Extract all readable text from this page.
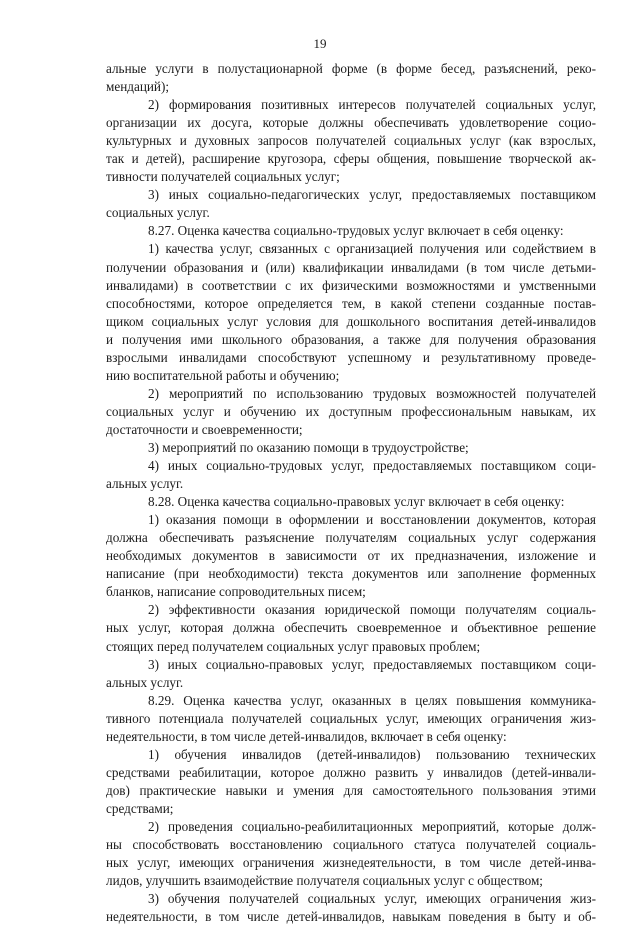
19
альные услуги в полустационарной форме (в форме бесед, разъяснений, реко-
мендаций);
2) формирования позитивных интересов получателей социальных услуг,
организации их досуга, которые должны обеспечивать удовлетворение социо-
культурных и духовных запросов получателей социальных услуг (как взрослых,
так и детей), расширение кругозора, сферы общения, повышение творческой ак-
тивности получателей социальных услуг;
3) иных социально-педагогических услуг, предоставляемых поставщиком
социальных услуг.
8.27. Оценка качества социально-трудовых услуг включает в себя оценку:
1) качества услуг, связанных с организацией получения или содействием в
получении образования и (или) квалификации инвалидами (в том числе детьми-
инвалидами) в соответствии с их физическими возможностями и умственными
способностями, которое определяется тем, в какой степени созданные постав-
щиком социальных услуг условия для дошкольного воспитания детей-инвалидов
и получения ими школьного образования, а также для получения образования
взрослыми инвалидами способствуют успешному и результативному проведе-
нию воспитательной работы и обучению;
2) мероприятий по использованию трудовых возможностей получателей
социальных услуг и обучению их доступным профессиональным навыкам, их
достаточности и своевременности;
3) мероприятий по оказанию помощи в трудоустройстве;
4) иных социально-трудовых услуг, предоставляемых поставщиком соци-
альных услуг.
8.28. Оценка качества социально-правовых услуг включает в себя оценку:
1) оказания помощи в оформлении и восстановлении документов, которая
должна обеспечивать разъяснение получателям социальных услуг содержания
необходимых документов в зависимости от их предназначения, изложение и
написание (при необходимости) текста документов или заполнение форменных
бланков, написание сопроводительных писем;
2) эффективности оказания юридической помощи получателям социаль-
ных услуг, которая должна обеспечить своевременное и объективное решение
стоящих перед получателем социальных услуг правовых проблем;
3) иных социально-правовых услуг, предоставляемых поставщиком соци-
альных услуг.
8.29. Оценка качества услуг, оказанных в целях повышения коммуника-
тивного потенциала получателей социальных услуг, имеющих ограничения жиз-
недеятельности, в том числе детей-инвалидов, включает в себя оценку:
1) обучения инвалидов (детей-инвалидов) пользованию технических
средствами реабилитации, которое должно развить у инвалидов (детей-инвали-
дов) практические навыки и умения для самостоятельного пользования этими
средствами;
2) проведения социально-реабилитационных мероприятий, которые долж-
ны способствовать восстановлению социального статуса получателей социаль-
ных услуг, имеющих ограничения жизнедеятельности, в том числе детей-инва-
лидов, улучшить взаимодействие получателя социальных услуг с обществом;
3) обучения получателей социальных услуг, имеющих ограничения жиз-
недеятельности, в том числе детей-инвалидов, навыкам поведения в быту и об-
